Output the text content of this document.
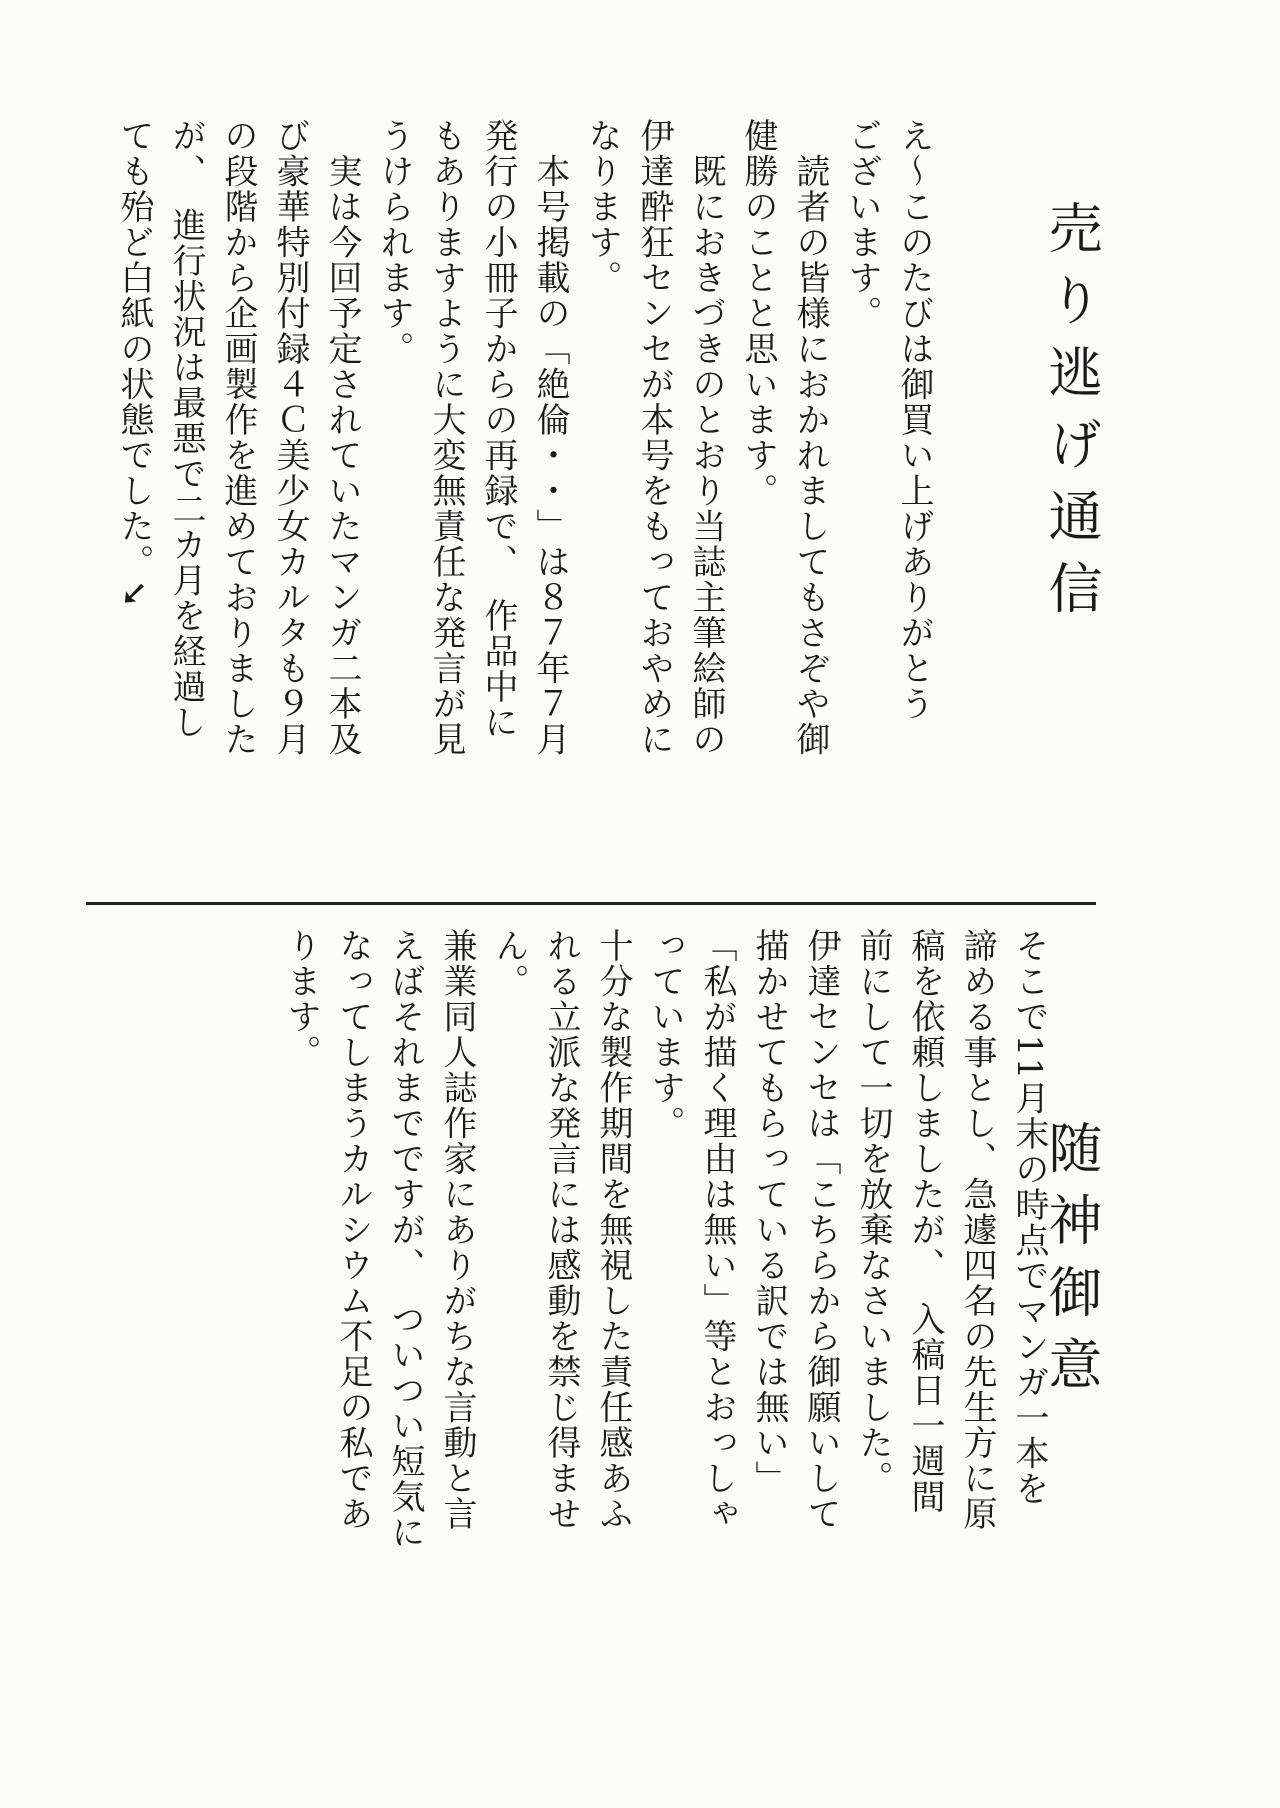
売り逃げ通信

え～このたびは御買い上げありがとう

ございます。

　読者の皆様におかれましてもさぞや御

健勝のことと思います。

　既におきづきのとおり当誌主筆絵師の

伊達酔狂センセが本号をもっておやめに

なります。

　本号掲載の「絶倫・・」は８７年７月

発行の小冊子からの再録で、　作品中に

もありますように大変無責任な発言が見

うけられます。

　実は今回予定されていたマンガ二本及

び豪華特別付録４Ｃ美少女カルタも９月

の段階から企画製作を進めておりました

が、　進行状況は最悪で二カ月を経過し

ても殆ど白紙の状態でした。➘

随神御意

そこで11月末の時点でマンガ一本を

諦める事とし、急遽四名の先生方に原

稿を依頼しましたが、　入稿日一週間

前にして一切を放棄なさいました。

伊達センセは「こちらから御願いして

描かせてもらっている訳では無い」

「私が描く理由は無い」等とおっしゃ

っています。

十分な製作期間を無視した責任感あふ

れる立派な発言には感動を禁じ得ませ

ん。

兼業同人誌作家にありがちな言動と言

えばそれまでですが、　ついつい短気に

なってしまうカルシウム不足の私であ

ります。
